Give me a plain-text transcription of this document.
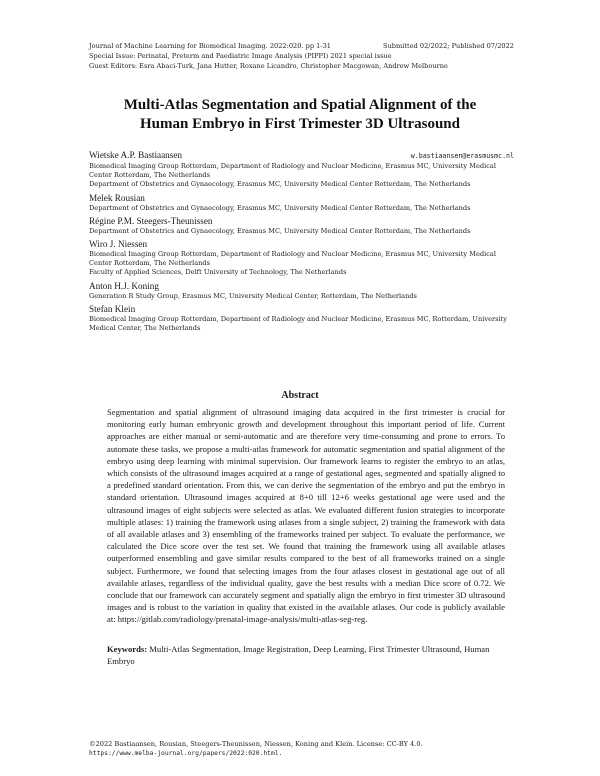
Journal of Machine Learning for Biomedical Imaging. 2022:020. pp 1-31	Submitted 02/2022; Published 07/2022
Special Issue: Perinatal, Preterm and Paediatric Image Analysis (PIPPI) 2021 special issue
Guest Editors: Esra Abaci-Turk, Jana Hutter, Roxane Licandro, Christopher Macgowan, Andrew Melbourne
Multi-Atlas Segmentation and Spatial Alignment of the
Human Embryo in First Trimester 3D Ultrasound
Wietske A.P. Bastiaansen	w.bastiaansen@erasmusmc.nl
Biomedical Imaging Group Rotterdam, Department of Radiology and Nuclear Medicine, Erasmus MC, University Medical Center Rotterdam, The Netherlands
Department of Obstetrics and Gynaecology, Erasmus MC, University Medical Center Rotterdam, The Netherlands
Melek Rousian
Department of Obstetrics and Gynaecology, Erasmus MC, University Medical Center Rotterdam, The Netherlands
Régine P.M. Steegers-Theunissen
Department of Obstetrics and Gynaecology, Erasmus MC, University Medical Center Rotterdam, The Netherlands
Wiro J. Niessen
Biomedical Imaging Group Rotterdam, Department of Radiology and Nuclear Medicine, Erasmus MC, University Medical Center Rotterdam, The Netherlands
Faculty of Applied Sciences, Delft University of Technology, The Netherlands
Anton H.J. Koning
Generation R Study Group, Erasmus MC, University Medical Center, Rotterdam, The Netherlands
Stefan Klein
Biomedical Imaging Group Rotterdam, Department of Radiology and Nuclear Medicine, Erasmus MC, Rotterdam, University Medical Center, The Netherlands
Abstract
Segmentation and spatial alignment of ultrasound imaging data acquired in the first trimester is crucial for monitoring early human embryonic growth and development throughout this important period of life. Current approaches are either manual or semi-automatic and are therefore very time-consuming and prone to errors. To automate these tasks, we propose a multi-atlas framework for automatic segmentation and spatial alignment of the embryo using deep learning with minimal supervision. Our framework learns to register the embryo to an atlas, which consists of the ultrasound images acquired at a range of gestational ages, segmented and spatially aligned to a predefined standard orientation. From this, we can derive the segmentation of the embryo and put the embryo in standard orientation. Ultrasound images acquired at 8+0 till 12+6 weeks gestational age were used and the ultrasound images of eight subjects were selected as atlas. We evaluated different fusion strategies to incorporate multiple atlases: 1) training the framework using atlases from a single subject, 2) training the framework with data of all available atlases and 3) ensembling of the frameworks trained per subject. To evaluate the performance, we calculated the Dice score over the test set. We found that training the framework using all available atlases outperformed ensembling and gave similar results compared to the best of all frameworks trained on a single subject. Furthermore, we found that selecting images from the four atlases closest in gestational age out of all available atlases, regardless of the individual quality, gave the best results with a median Dice score of 0.72. We conclude that our framework can accurately segment and spatially align the embryo in first trimester 3D ultrasound images and is robust to the variation in quality that existed in the available atlases. Our code is publicly available at: https://gitlab.com/radiology/prenatal-image-analysis/multi-atlas-seg-reg.
Keywords: Multi-Atlas Segmentation, Image Registration, Deep Learning, First Trimester Ultrasound, Human Embryo
©2022 Bastiaansen, Rousian, Steegers-Theunissen, Niessen, Koning and Klein. License: CC-BY 4.0.
https://www.melba-journal.org/papers/2022:020.html.
